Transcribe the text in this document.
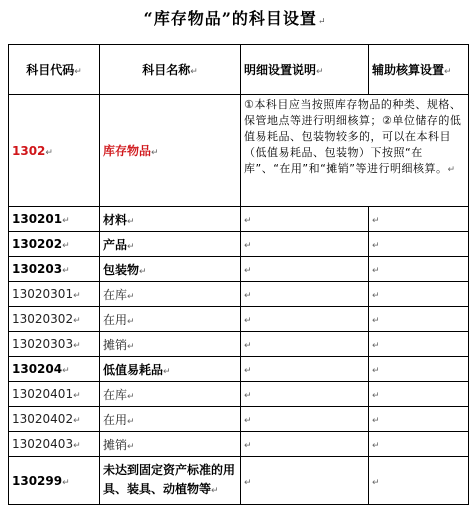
“库存物品”的科目设置↵
科目代码↵	科目名称↵	明细设置说明↵	辅助核算设置↵
1302↵	库存物品↵	①本科目应当按照库存物品的种类、规格、保管地点等进行明细核算；②单位储存的低值易耗品、包装物较多的，可以在本科目（低值易耗品、包装物）下按照“在库”、“在用”和“摊销”等进行明细核算。↵	
130201↵	材料↵	↵	↵
130202↵	产品↵	↵	↵
130203↵	包装物↵	↵	↵
13020301↵	在库↵	↵	↵
13020302↵	在用↵	↵	↵
13020303↵	摊销↵	↵	↵
130204↵	低值易耗品↵	↵	↵
13020401↵	在库↵	↵	↵
13020402↵	在用↵	↵	↵
13020403↵	摊销↵	↵	↵
130299↵	未达到固定资产标准的用具、装具、动植物等↵	↵	↵
